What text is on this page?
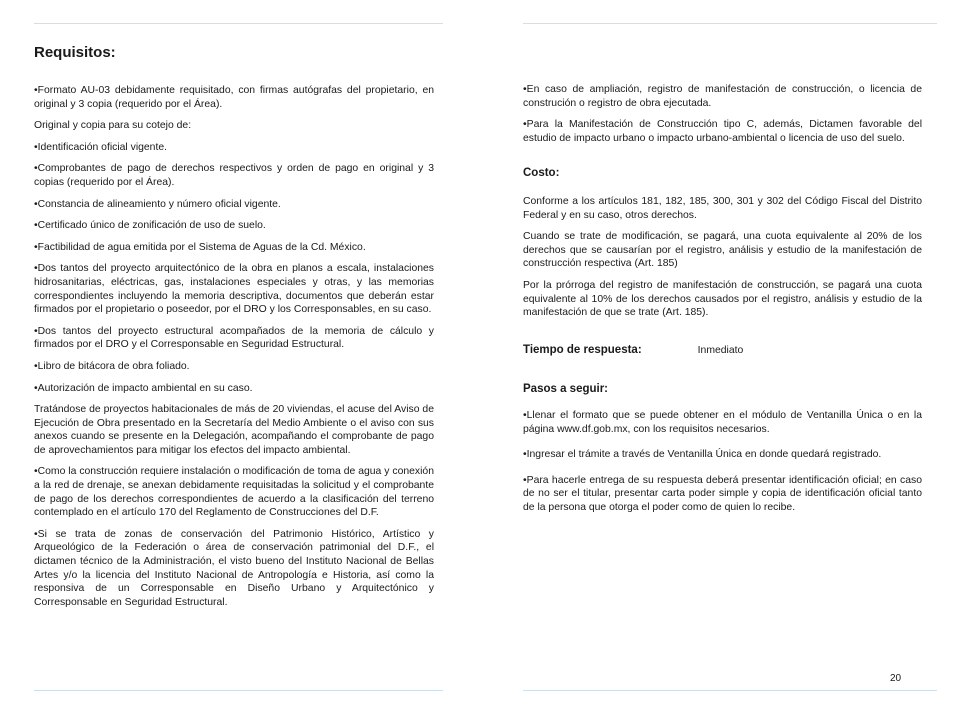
Requisitos:

•Formato AU-03 debidamente requisitado, con firmas autógrafas del propietario, en original y 3 copia (requerido por el Área).

Original y copia para su cotejo de:

•Identificación oficial vigente.

•Comprobantes de pago de derechos respectivos y orden de pago en original y 3 copias (requerido por el Área).

•Constancia de alineamiento y número oficial vigente.

•Certificado único de zonificación de uso de suelo.

•Factibilidad de agua emitida por el Sistema de Aguas de la Cd. México.

•Dos tantos del proyecto arquitectónico de la obra en planos a escala, instalaciones hidrosanitarias, eléctricas, gas, instalaciones especiales y otras, y las memorias correspondientes incluyendo la memoria descriptiva, documentos que deberán estar firmados por el propietario o poseedor, por el DRO y los Corresponsables, en su caso.

•Dos tantos del proyecto estructural acompañados de la memoria de cálculo y firmados por el DRO y el Corresponsable en Seguridad Estructural.

•Libro de bitácora de obra foliado.

•Autorización de impacto ambiental en su caso.

Tratándose de proyectos habitacionales de más de 20 viviendas, el acuse del Aviso de Ejecución de Obra presentado en la Secretaría del Medio Ambiente o el aviso con sus anexos cuando se presente en la Delegación, acompañando el comprobante de pago de aprovechamientos para mitigar los efectos del impacto ambiental.

•Como la construcción requiere instalación o modificación de toma de agua y conexión a la red de drenaje, se anexan debidamente requisitadas la solicitud y el comprobante de pago de los derechos correspondientes de acuerdo a la clasificación del terreno contemplado en el artículo 170 del Reglamento de Construcciones del D.F.

•Si se trata de zonas de conservación del Patrimonio Histórico, Artístico y Arqueológico de la Federación o área de conservación patrimonial del D.F., el dictamen técnico de la Administración, el visto bueno del Instituto Nacional de Bellas Artes y/o la licencia del Instituto Nacional de Antropología e Historia, así como la responsiva de un Corresponsable en Diseño Urbano y Arquitectónico y Corresponsable en Seguridad Estructural.

•En caso de ampliación, registro de manifestación de construcción, o licencia de construción o registro de obra ejecutada.

•Para la Manifestación de Construcción tipo C, además, Dictamen favorable del estudio de impacto urbano o impacto urbano-ambiental o licencia de uso del suelo.

Costo:

Conforme a los artículos 181, 182, 185, 300, 301 y 302 del Código Fiscal del Distrito Federal y en su caso, otros derechos.

Cuando se trate de modificación, se pagará, una cuota equivalente al 20% de los derechos que se causarían por el registro, análisis y estudio de la manifestación de construcción respectiva (Art. 185)

Por la prórroga del registro de manifestación de construcción, se pagará una cuota equivalente al 10% de los derechos causados por el registro, análisis y estudio de la manifestación de que se trate (Art. 185).

Tiempo de respuesta:	Inmediato

Pasos a seguir:

•Llenar el formato que se puede obtener en el módulo de Ventanilla Única o en la página www.df.gob.mx, con los requisitos necesarios.

•Ingresar el trámite a través de Ventanilla Única en donde quedará registrado.

•Para hacerle entrega de su respuesta deberá presentar identificación oficial; en caso de no ser el titular, presentar carta poder simple y copia de identificación oficial tanto de la persona que otorga el poder como de quien lo recibe.

20
